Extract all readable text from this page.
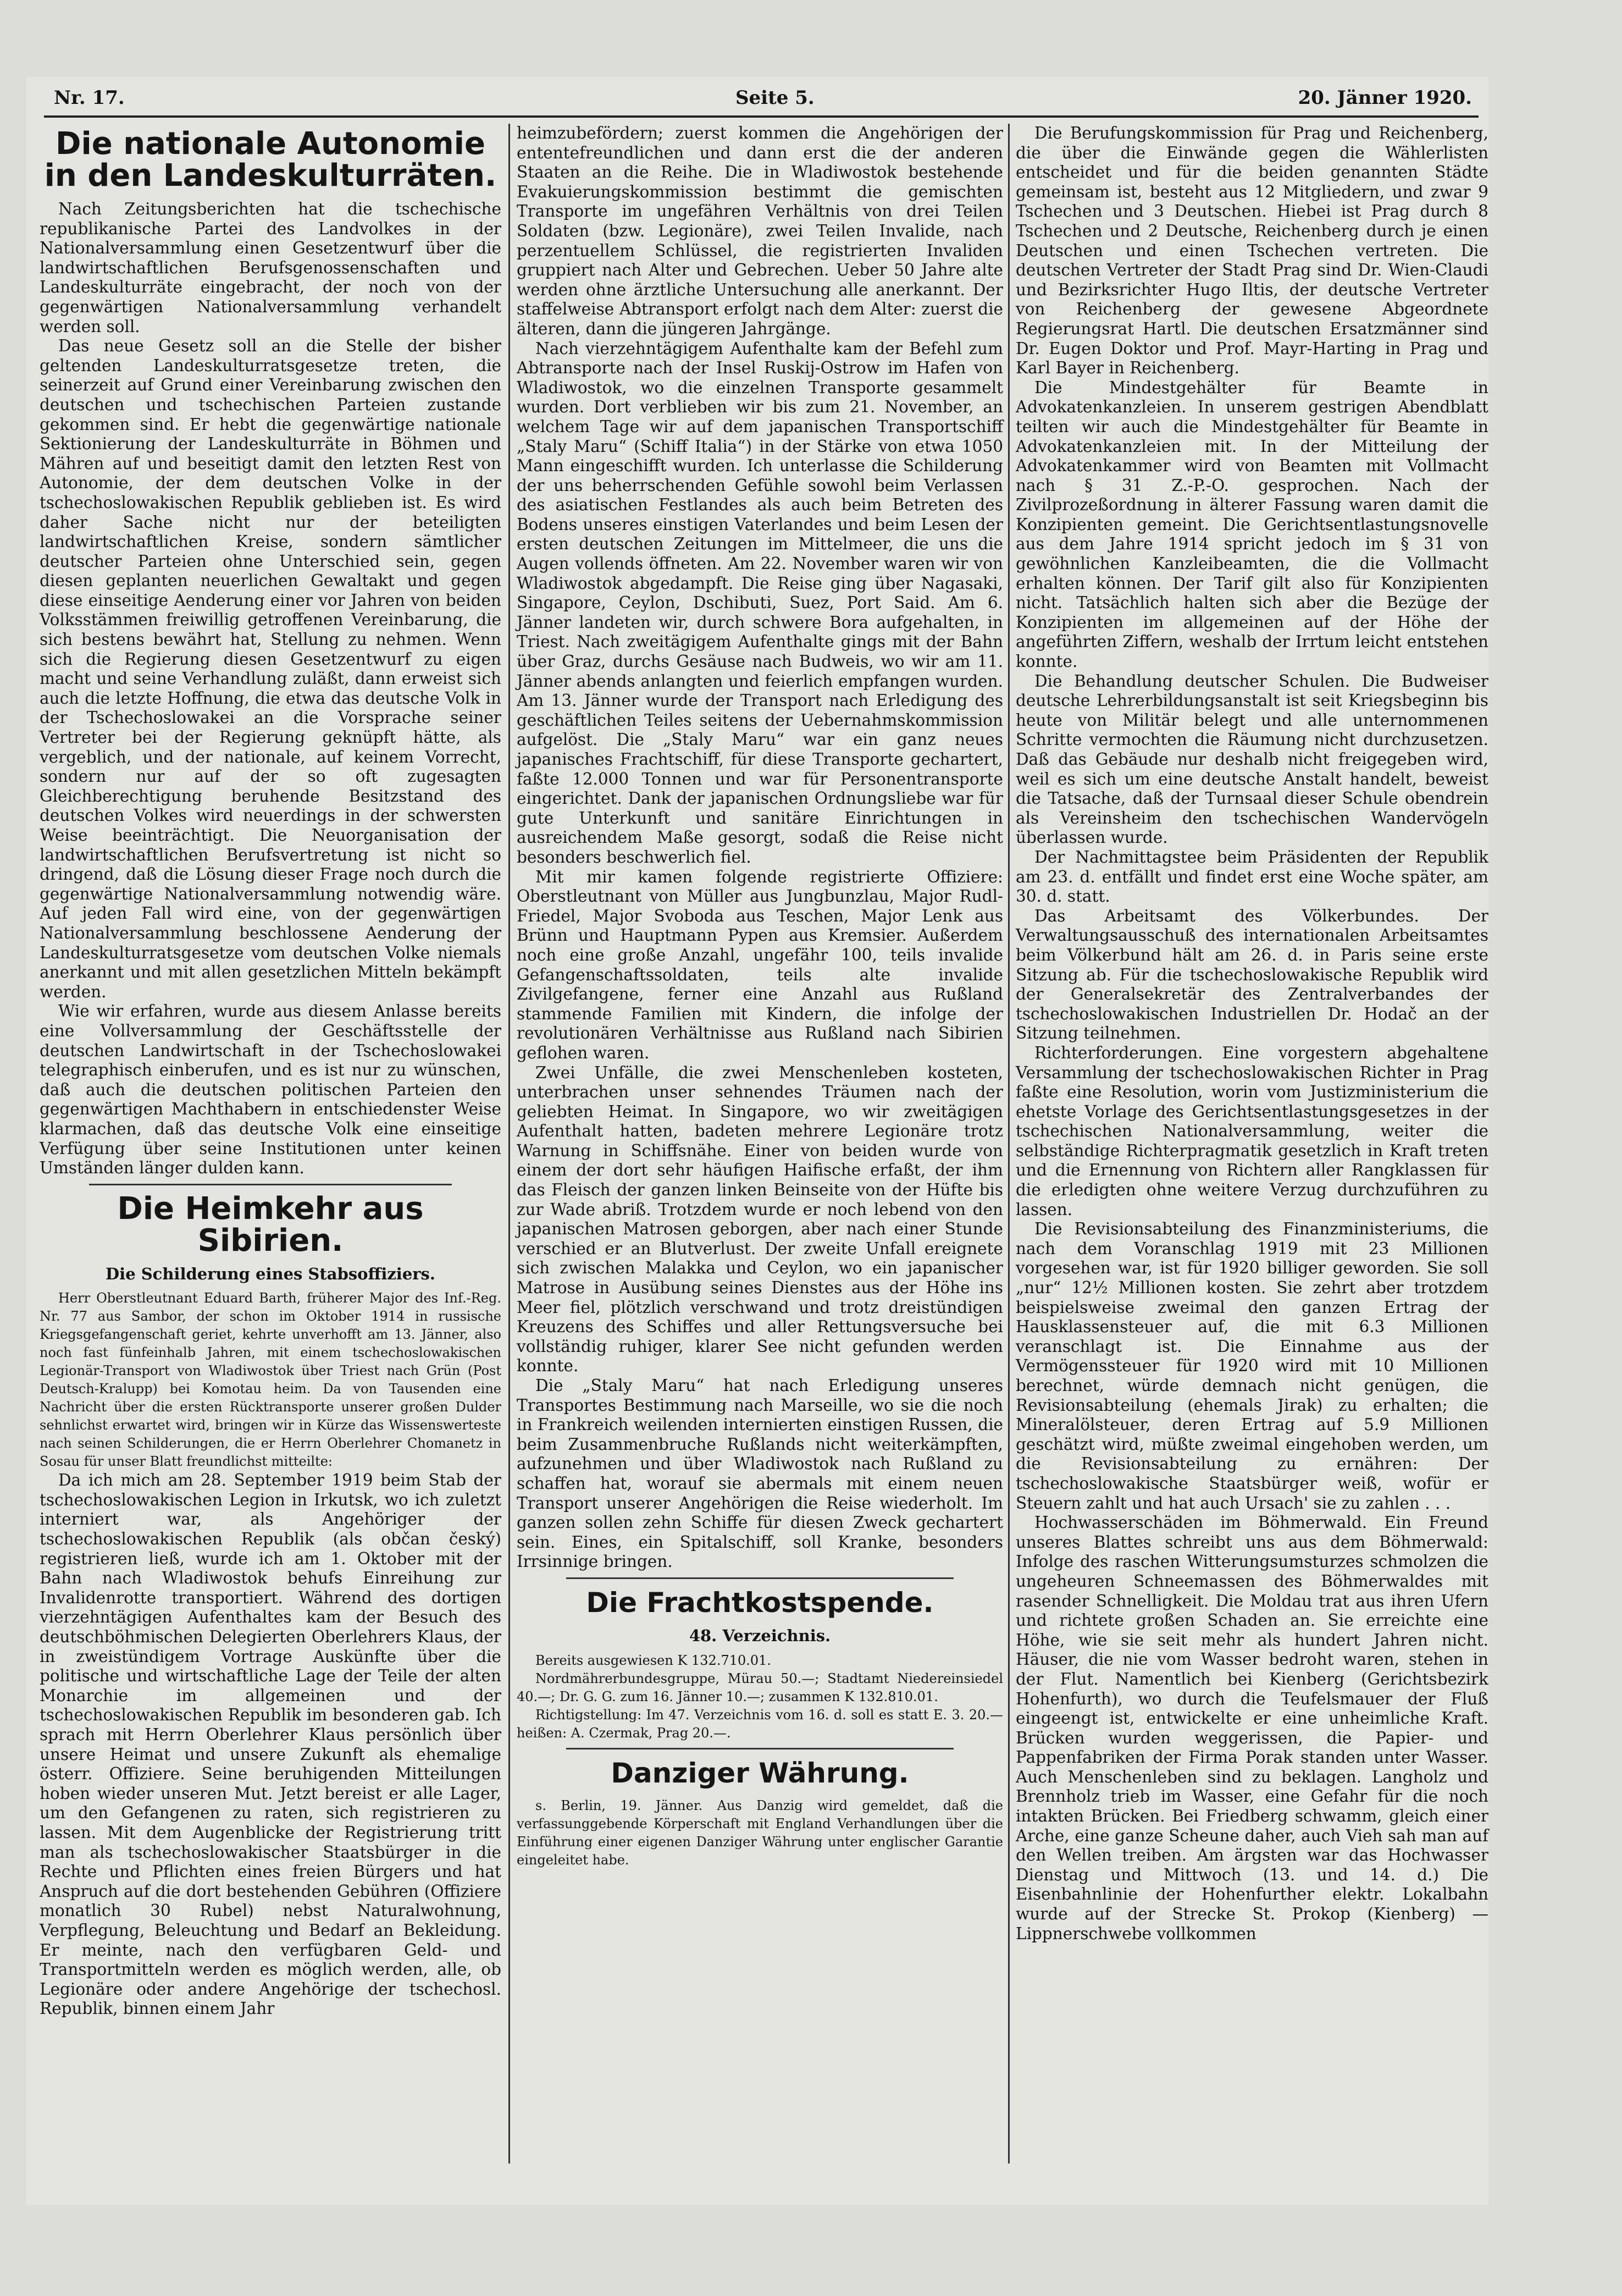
Nr. 17.	Seite 5.	20. Jänner 1920.
Die nationale Autonomie in den Landeskulturräten.

Nach Zeitungsberichten hat die tschechische republikanische Partei des Landvolkes in der Nationalversammlung einen Gesetzentwurf über die landwirtschaftlichen Berufsgenossenschaften und Landeskulturräte eingebracht, der noch von der gegenwärtigen Nationalversammlung verhandelt werden soll.

Das neue Gesetz soll an die Stelle der bisher geltenden Landeskulturratsgesetze treten, die seinerzeit auf Grund einer Vereinbarung zwischen den deutschen und tschechischen Parteien zustande gekommen sind. Er hebt die gegenwärtige nationale Sektionierung der Landeskulturräte in Böhmen und Mähren auf und beseitigt damit den letzten Rest von Autonomie, der dem deutschen Volke in der tschechoslowakischen Republik geblieben ist. Es wird daher Sache nicht nur der beteiligten landwirtschaftlichen Kreise, sondern sämtlicher deutscher Parteien ohne Unterschied sein, gegen diesen geplanten neuerlichen Gewaltakt und gegen diese einseitige Aenderung einer vor Jahren von beiden Volksstämmen freiwillig getroffenen Vereinbarung, die sich bestens bewährt hat, Stellung zu nehmen. Wenn sich die Regierung diesen Gesetzentwurf zu eigen macht und seine Verhandlung zuläßt, dann erweist sich auch die letzte Hoffnung, die etwa das deutsche Volk in der Tschechoslowakei an die Vorsprache seiner Vertreter bei der Regierung geknüpft hätte, als vergeblich, und der nationale, auf keinem Vorrecht, sondern nur auf der so oft zugesagten Gleichberechtigung beruhende Besitzstand des deutschen Volkes wird neuerdings in der schwersten Weise beeinträchtigt. Die Neuorganisation der landwirtschaftlichen Berufsvertretung ist nicht so dringend, daß die Lösung dieser Frage noch durch die gegenwärtige Nationalversammlung notwendig wäre. Auf jeden Fall wird eine, von der gegenwärtigen Nationalversammlung beschlossene Aenderung der Landeskulturratsgesetze vom deutschen Volke niemals anerkannt und mit allen gesetzlichen Mitteln bekämpft werden.

Wie wir erfahren, wurde aus diesem Anlasse bereits eine Vollversammlung der Geschäftsstelle der deutschen Landwirtschaft in der Tschechoslowakei telegraphisch einberufen, und es ist nur zu wünschen, daß auch die deutschen politischen Parteien den gegenwärtigen Machthabern in entschiedenster Weise klarmachen, daß das deutsche Volk eine einseitige Verfügung über seine Institutionen unter keinen Umständen länger dulden kann.

Die Heimkehr aus Sibirien.
Die Schilderung eines Stabsoffiziers.

Herr Oberstleutnant Eduard Barth, früherer Major des Inf.-Reg. Nr. 77 aus Sambor, der schon im Oktober 1914 in russische Kriegsgefangenschaft geriet, kehrte unverhofft am 13. Jänner, also noch fast fünfeinhalb Jahren, mit einem tschechoslowakischen Legionär-Transport von Wladiwostok über Triest nach Grün (Post Deutsch-Kralupp) bei Komotau heim. Da von Tausenden eine Nachricht über die ersten Rücktransporte unserer großen Dulder sehnlichst erwartet wird, bringen wir in Kürze das Wissenswerteste nach seinen Schilderungen, die er Herrn Oberlehrer Chomanetz in Sosau für unser Blatt freundlichst mitteilte:

Da ich mich am 28. September 1919 beim Stab der tschechoslowakischen Legion in Irkutsk, wo ich zuletzt interniert war, als Angehöriger der tschechoslowakischen Republik (als občan český) registrieren ließ, wurde ich am 1. Oktober mit der Bahn nach Wladiwostok behufs Einreihung zur Invalidenrotte transportiert. Während des dortigen vierzehntägigen Aufenthaltes kam der Besuch des deutschböhmischen Delegierten Oberlehrers Klaus, der in zweistündigem Vortrage Auskünfte über die politische und wirtschaftliche Lage der Teile der alten Monarchie im allgemeinen und der tschechoslowakischen Republik im besonderen gab. Ich sprach mit Herrn Oberlehrer Klaus persönlich über unsere Heimat und unsere Zukunft als ehemalige österr. Offiziere. Seine beruhigenden Mitteilungen hoben wieder unseren Mut. Jetzt bereist er alle Lager, um den Gefangenen zu raten, sich registrieren zu lassen. Mit dem Augenblicke der Registrierung tritt man als tschechoslowakischer Staatsbürger in die Rechte und Pflichten eines freien Bürgers und hat Anspruch auf die dort bestehenden Gebühren (Offiziere monatlich 30 Rubel) nebst Naturalwohnung, Verpflegung, Beleuchtung und Bedarf an Bekleidung. Er meinte, nach den verfügbaren Geld- und Transportmitteln werden es möglich werden, alle, ob Legionäre oder andere Angehörige der tschechosl. Republik, binnen einem Jahr

heimzubefördern; zuerst kommen die Angehörigen der ententefreundlichen und dann erst die der anderen Staaten an die Reihe. Die in Wladiwostok bestehende Evakuierungskommission bestimmt die gemischten Transporte im ungefähren Verhältnis von drei Teilen Soldaten (bzw. Legionäre), zwei Teilen Invalide, nach perzentuellem Schlüssel, die registrierten Invaliden gruppiert nach Alter und Gebrechen. Ueber 50 Jahre alte werden ohne ärztliche Untersuchung alle anerkannt. Der staffelweise Abtransport erfolgt nach dem Alter: zuerst die älteren, dann die jüngeren Jahrgänge.

Nach vierzehntägigem Aufenthalte kam der Befehl zum Abtransporte nach der Insel Ruskij-Ostrow im Hafen von Wladiwostok, wo die einzelnen Transporte gesammelt wurden. Dort verblieben wir bis zum 21. November, an welchem Tage wir auf dem japanischen Transportschiff „Staly Maru“ (Schiff Italia“) in der Stärke von etwa 1050 Mann eingeschifft wurden. Ich unterlasse die Schilderung der uns beherrschenden Gefühle sowohl beim Verlassen des asiatischen Festlandes als auch beim Betreten des Bodens unseres einstigen Vaterlandes und beim Lesen der ersten deutschen Zeitungen im Mittelmeer, die uns die Augen vollends öffneten. Am 22. November waren wir von Wladiwostok abgedampft. Die Reise ging über Nagasaki, Singapore, Ceylon, Dschibuti, Suez, Port Said. Am 6. Jänner landeten wir, durch schwere Bora aufgehalten, in Triest. Nach zweitägigem Aufenthalte gings mit der Bahn über Graz, durchs Gesäuse nach Budweis, wo wir am 11. Jänner abends anlangten und feierlich empfangen wurden. Am 13. Jänner wurde der Transport nach Erledigung des geschäftlichen Teiles seitens der Uebernahmskommission aufgelöst. Die „Staly Maru“ war ein ganz neues japanisches Frachtschiff, für diese Transporte gechartert, faßte 12.000 Tonnen und war für Personentransporte eingerichtet. Dank der japanischen Ordnungsliebe war für gute Unterkunft und sanitäre Einrichtungen in ausreichendem Maße gesorgt, sodaß die Reise nicht besonders beschwerlich fiel.

Mit mir kamen folgende registrierte Offiziere: Oberstleutnant von Müller aus Jungbunzlau, Major Rudl-Friedel, Major Svoboda aus Teschen, Major Lenk aus Brünn und Hauptmann Pypen aus Kremsier. Außerdem noch eine große Anzahl, ungefähr 100, teils invalide Gefangenschaftssoldaten, teils alte invalide Zivilgefangene, ferner eine Anzahl aus Rußland stammende Familien mit Kindern, die infolge der revolutionären Verhältnisse aus Rußland nach Sibirien geflohen waren.

Zwei Unfälle, die zwei Menschenleben kosteten, unterbrachen unser sehnendes Träumen nach der geliebten Heimat. In Singapore, wo wir zweitägigen Aufenthalt hatten, badeten mehrere Legionäre trotz Warnung in Schiffsnähe. Einer von beiden wurde von einem der dort sehr häufigen Haifische erfaßt, der ihm das Fleisch der ganzen linken Beinseite von der Hüfte bis zur Wade abriß. Trotzdem wurde er noch lebend von den japanischen Matrosen geborgen, aber nach einer Stunde verschied er an Blutverlust. Der zweite Unfall ereignete sich zwischen Malakka und Ceylon, wo ein japanischer Matrose in Ausübung seines Dienstes aus der Höhe ins Meer fiel, plötzlich verschwand und trotz dreistündigen Kreuzens des Schiffes und aller Rettungsversuche bei vollständig ruhiger, klarer See nicht gefunden werden konnte.

Die „Staly Maru“ hat nach Erledigung unseres Transportes Bestimmung nach Marseille, wo sie die noch in Frankreich weilenden internierten einstigen Russen, die beim Zusammenbruche Rußlands nicht weiterkämpften, aufzunehmen und über Wladiwostok nach Rußland zu schaffen hat, worauf sie abermals mit einem neuen Transport unserer Angehörigen die Reise wiederholt. Im ganzen sollen zehn Schiffe für diesen Zweck gechartert sein. Eines, ein Spitalschiff, soll Kranke, besonders Irrsinnige bringen.

Die Frachtkostspende.
48. Verzeichnis.

Bereits ausgewiesen K 132.710.01.

Nordmährerbundesgruppe, Mürau 50.—; Stadtamt Niedereinsiedel 40.—; Dr. G. G. zum 16. Jänner 10.—; zusammen K 132.810.01.

Richtigstellung: Im 47. Verzeichnis vom 16. d. soll es statt E. 3. 20.— heißen: A. Czermak, Prag 20.—.

Danziger Währung.

s. Berlin, 19. Jänner. Aus Danzig wird gemeldet, daß die verfassunggebende Körperschaft mit England Verhandlungen über die Einführung einer eigenen Danziger Währung unter englischer Garantie eingeleitet habe.

Die Berufungskommission für Prag und Reichenberg, die über die Einwände gegen die Wählerlisten entscheidet und für die beiden genannten Städte gemeinsam ist, besteht aus 12 Mitgliedern, und zwar 9 Tschechen und 3 Deutschen. Hiebei ist Prag durch 8 Tschechen und 2 Deutsche, Reichenberg durch je einen Deutschen und einen Tschechen vertreten. Die deutschen Vertreter der Stadt Prag sind Dr. Wien-Claudi und Bezirksrichter Hugo Iltis, der deutsche Vertreter von Reichenberg der gewesene Abgeordnete Regierungsrat Hartl. Die deutschen Ersatzmänner sind Dr. Eugen Doktor und Prof. Mayr-Harting in Prag und Karl Bayer in Reichenberg.

Die Mindestgehälter für Beamte in Advokatenkanzleien. In unserem gestrigen Abendblatt teilten wir auch die Mindestgehälter für Beamte in Advokatenkanzleien mit. In der Mitteilung der Advokatenkammer wird von Beamten mit Vollmacht nach § 31 Z.-P.-O. gesprochen. Nach der Zivilprozeßordnung in älterer Fassung waren damit die Konzipienten gemeint. Die Gerichtsentlastungsnovelle aus dem Jahre 1914 spricht jedoch im § 31 von gewöhnlichen Kanzleibeamten, die die Vollmacht erhalten können. Der Tarif gilt also für Konzipienten nicht. Tatsächlich halten sich aber die Bezüge der Konzipienten im allgemeinen auf der Höhe der angeführten Ziffern, weshalb der Irrtum leicht entstehen konnte.

Die Behandlung deutscher Schulen. Die Budweiser deutsche Lehrerbildungsanstalt ist seit Kriegsbeginn bis heute von Militär belegt und alle unternommenen Schritte vermochten die Räumung nicht durchzusetzen. Daß das Gebäude nur deshalb nicht freigegeben wird, weil es sich um eine deutsche Anstalt handelt, beweist die Tatsache, daß der Turnsaal dieser Schule obendrein als Vereinsheim den tschechischen Wandervögeln überlassen wurde.

Der Nachmittagstee beim Präsidenten der Republik am 23. d. entfällt und findet erst eine Woche später, am 30. d. statt.

Das Arbeitsamt des Völkerbundes. Der Verwaltungsausschuß des internationalen Arbeitsamtes beim Völkerbund hält am 26. d. in Paris seine erste Sitzung ab. Für die tschechoslowakische Republik wird der Generalsekretär des Zentralverbandes der tschechoslowakischen Industriellen Dr. Hodač an der Sitzung teilnehmen.

Richterforderungen. Eine vorgestern abgehaltene Versammlung der tschechoslowakischen Richter in Prag faßte eine Resolution, worin vom Justizministerium die ehetste Vorlage des Gerichtsentlastungsgesetzes in der tschechischen Nationalversammlung, weiter die selbständige Richterpragmatik gesetzlich in Kraft treten und die Ernennung von Richtern aller Rangklassen für die erledigten ohne weitere Verzug durchzuführen zu lassen.

Die Revisionsabteilung des Finanzministeriums, die nach dem Voranschlag 1919 mit 23 Millionen vorgesehen war, ist für 1920 billiger geworden. Sie soll „nur“ 12½ Millionen kosten. Sie zehrt aber trotzdem beispielsweise zweimal den ganzen Ertrag der Hausklassensteuer auf, die mit 6.3 Millionen veranschlagt ist. Die Einnahme aus der Vermögenssteuer für 1920 wird mit 10 Millionen berechnet, würde demnach nicht genügen, die Revisionsabteilung (ehemals Jirak) zu erhalten; die Mineralölsteuer, deren Ertrag auf 5.9 Millionen geschätzt wird, müßte zweimal eingehoben werden, um die Revisionsabteilung zu ernähren: Der tschechoslowakische Staatsbürger weiß, wofür er Steuern zahlt und hat auch Ursach' sie zu zahlen . . .

Hochwasserschäden im Böhmerwald. Ein Freund unseres Blattes schreibt uns aus dem Böhmerwald: Infolge des raschen Witterungsumsturzes schmolzen die ungeheuren Schneemassen des Böhmerwaldes mit rasender Schnelligkeit. Die Moldau trat aus ihren Ufern und richtete großen Schaden an. Sie erreichte eine Höhe, wie sie seit mehr als hundert Jahren nicht. Häuser, die nie vom Wasser bedroht waren, stehen in der Flut. Namentlich bei Kienberg (Gerichtsbezirk Hohenfurth), wo durch die Teufelsmauer der Fluß eingeengt ist, entwickelte er eine unheimliche Kraft. Brücken wurden weggerissen, die Papier- und Pappenfabriken der Firma Porak standen unter Wasser. Auch Menschenleben sind zu beklagen. Langholz und Brennholz trieb im Wasser, eine Gefahr für die noch intakten Brücken. Bei Friedberg schwamm, gleich einer Arche, eine ganze Scheune daher, auch Vieh sah man auf den Wellen treiben. Am ärgsten war das Hochwasser Dienstag und Mittwoch (13. und 14. d.) Die Eisenbahnlinie der Hohenfurther elektr. Lokalbahn wurde auf der Strecke St. Prokop (Kienberg) — Lippnerschwebe vollkommen
